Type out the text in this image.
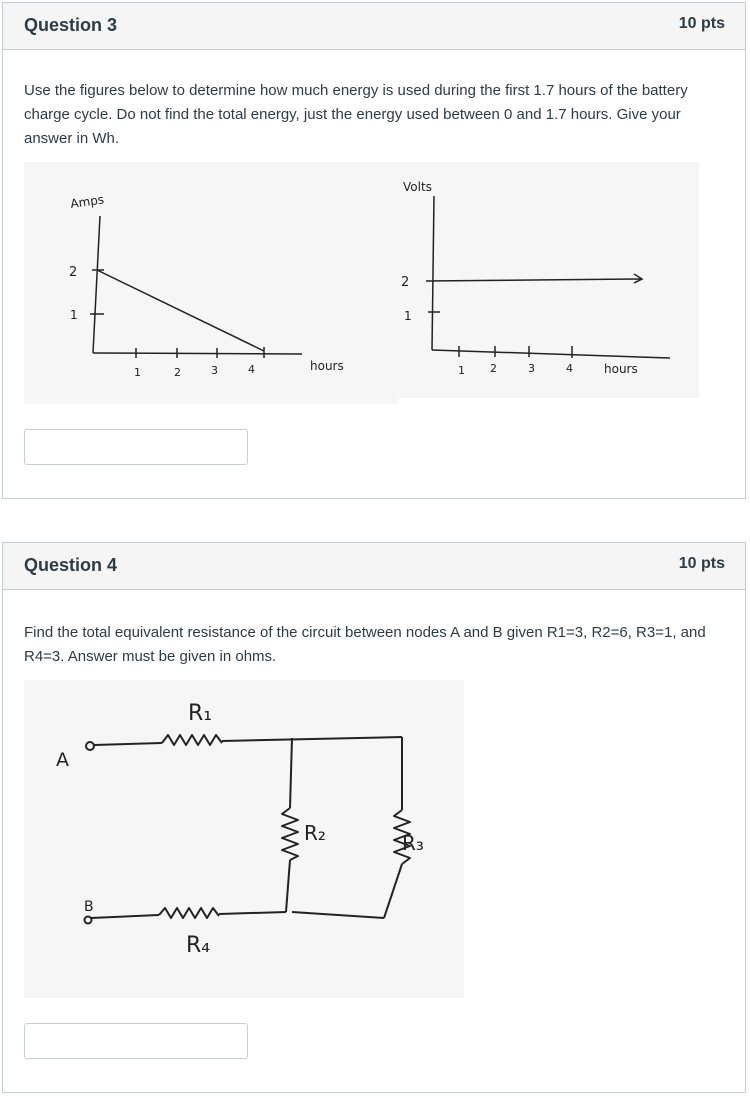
Question 3	10 pts
Use the figures below to determine how much energy is used during the first 1.7 hours of the battery charge cycle. Do not find the total energy, just the energy used between 0 and 1.7 hours. Give your answer in Wh.
Amps
2
1
1	2	3	4	hours
Volts
2
1
1 2	3	4	hours
Question 4	10 pts
Find the total equivalent resistance of the circuit between nodes A and B given R1=3, R2=6, R3=1, and R4=3. Answer must be given in ohms.
A
B
R₁
R₂	R₃
R₄
